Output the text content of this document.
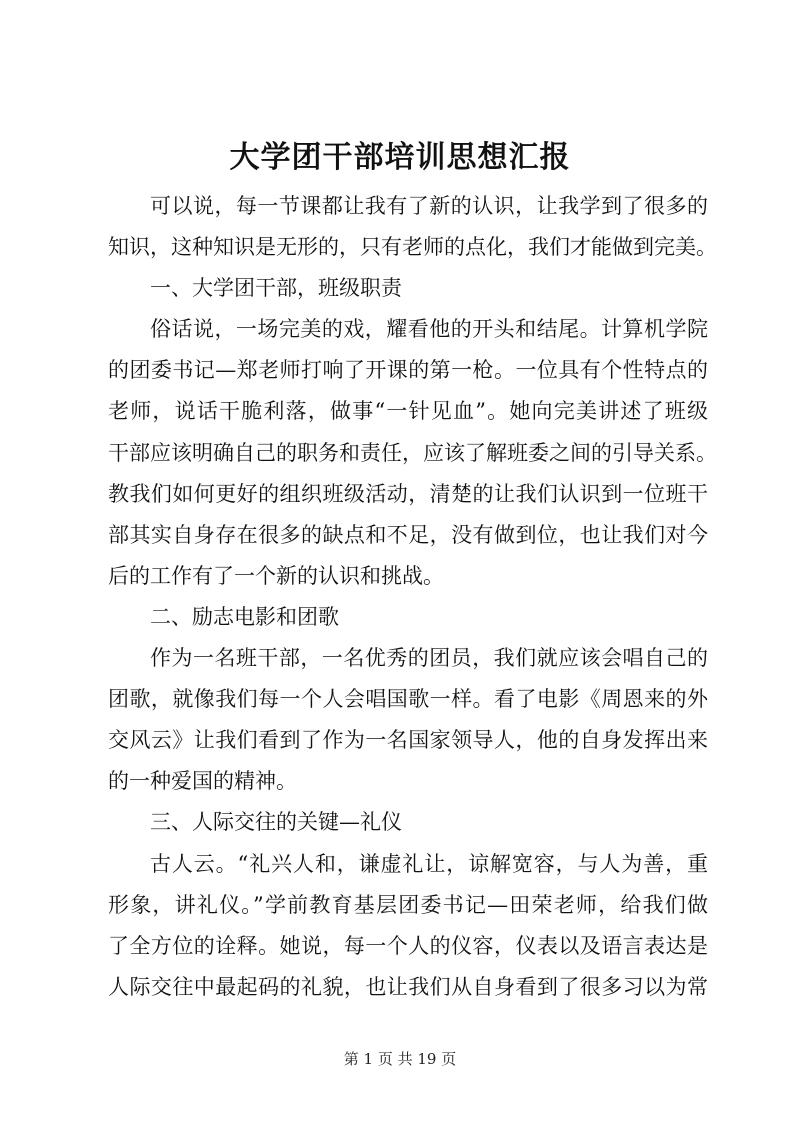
大学团干部培训思想汇报
可以说，每一节课都让我有了新的认识，让我学到了很多的
知识，这种知识是无形的，只有老师的点化，我们才能做到完美。
一、大学团干部，班级职责
俗话说，一场完美的戏，耀看他的开头和结尾。计算机学院
的团委书记—郑老师打响了开课的第一枪。一位具有个性特点的
老师，说话干脆利落，做事“一针见血”。她向完美讲述了班级
干部应该明确自己的职务和责任，应该了解班委之间的引导关系。
教我们如何更好的组织班级活动，清楚的让我们认识到一位班干
部其实自身存在很多的缺点和不足，没有做到位，也让我们对今
后的工作有了一个新的认识和挑战。
二、励志电影和团歌
作为一名班干部，一名优秀的团员，我们就应该会唱自己的
团歌，就像我们每一个人会唱国歌一样。看了电影《周恩来的外
交风云》让我们看到了作为一名国家领导人，他的自身发挥出来
的一种爱国的精神。
三、人际交往的关键—礼仪
古人云。“礼兴人和，谦虚礼让，谅解宽容，与人为善，重
形象，讲礼仪。”学前教育基层团委书记—田荣老师，给我们做
了全方位的诠释。她说，每一个人的仪容，仪表以及语言表达是
人际交往中最起码的礼貌，也让我们从自身看到了很多习以为常
第 1 页 共 19 页
